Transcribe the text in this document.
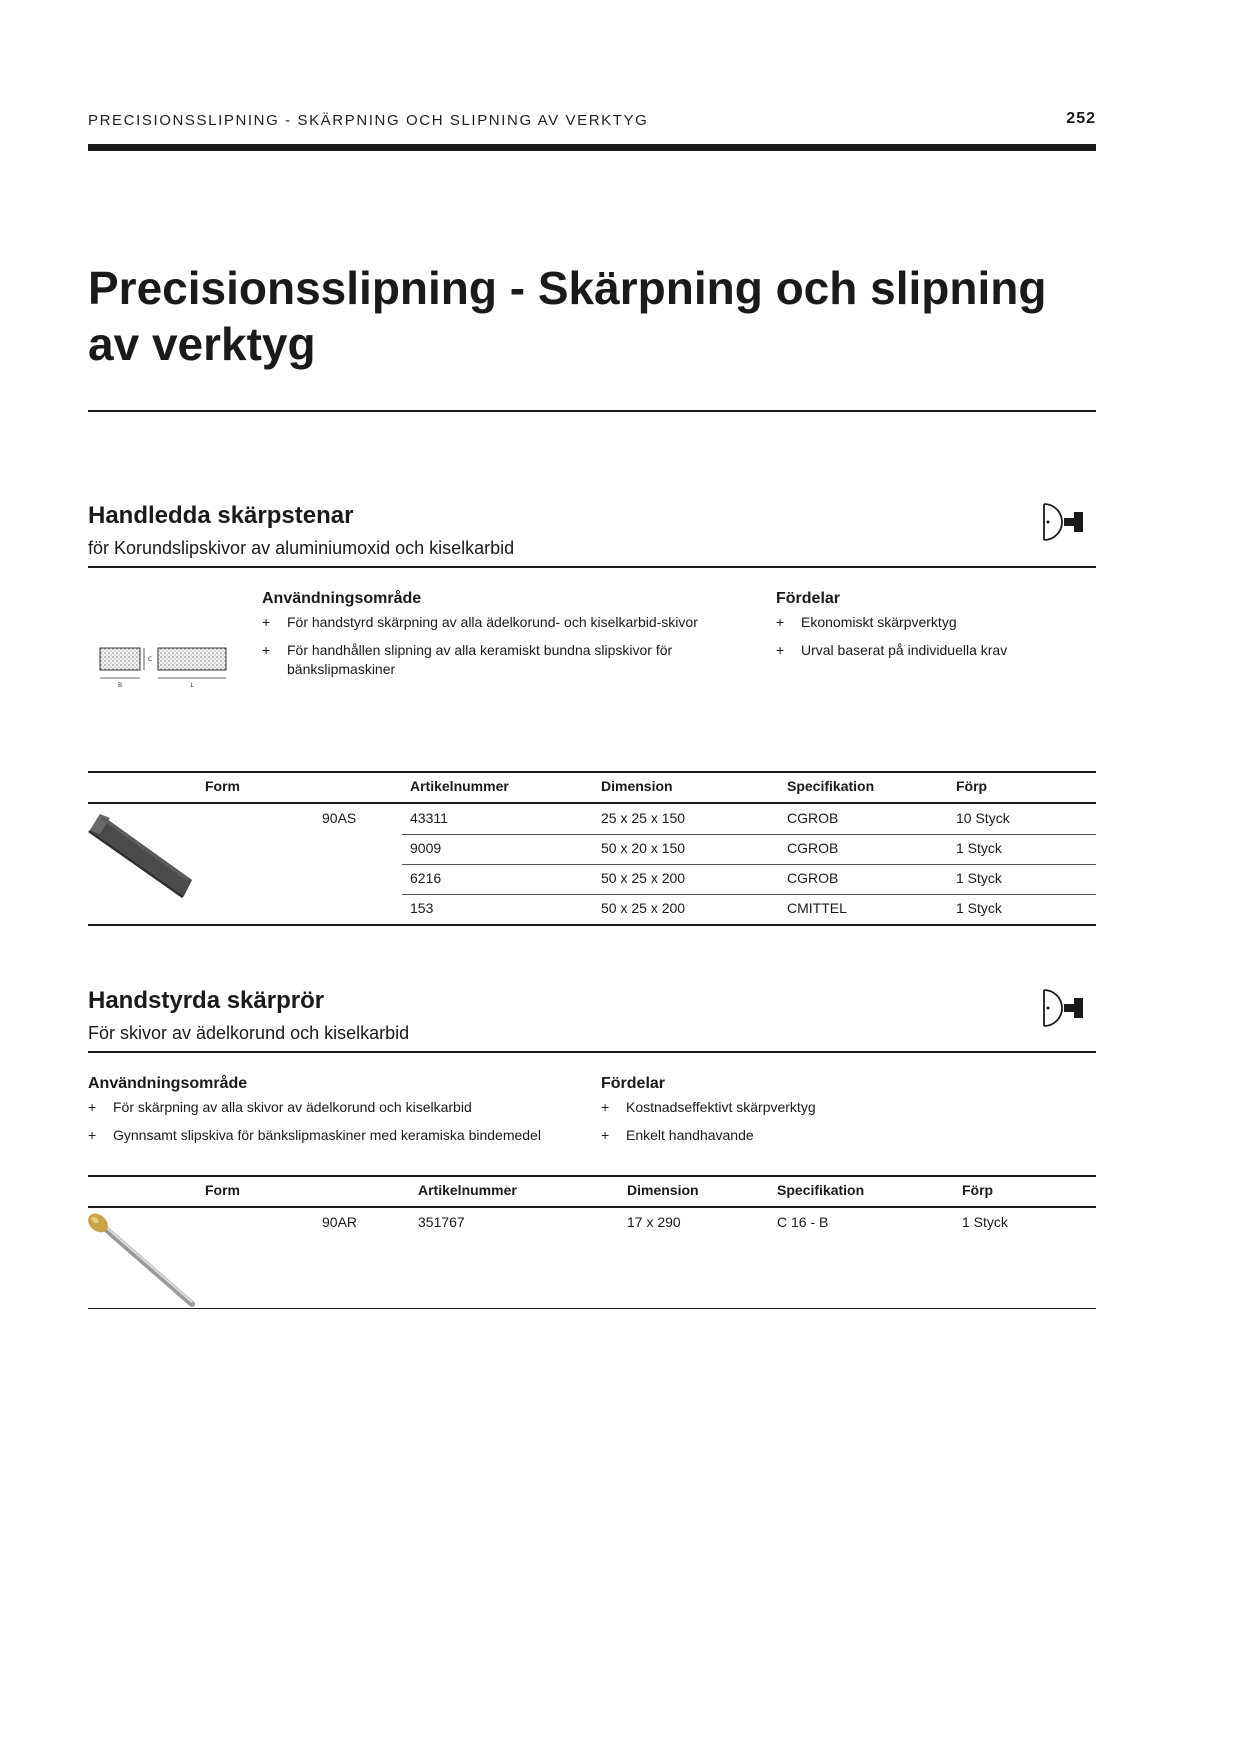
PRECISIONSSLIPNING - SKÄRPNING OCH SLIPNING AV VERKTYG	252
Precisionsslipning - Skärpning och slipning av verktyg
Handledda skärpstenar
för Korundslipskivor av aluminiumoxid och kiselkarbid
B
C
L
Användningsområde
+	För handstyrd skärpning av alla ädelkorund- och kiselkarbid-skivor
+	För handhållen slipning av alla keramiskt bundna slipskivor för bänkslipmaskiner
Fördelar
+	Ekonomiskt skärpverktyg
+	Urval baserat på individuella krav
Form	Artikelnummer	Dimension	Specifikation	Förp
90AS	43311	25 x 25 x 150	CGROB	10 Styck
9009	50 x 20 x 150	CGROB	1 Styck
6216	50 x 25 x 200	CGROB	1 Styck
153	50 x 25 x 200	CMITTEL	1 Styck
Handstyrda skärprör
För skivor av ädelkorund och kiselkarbid
Användningsområde
+	För skärpning av alla skivor av ädelkorund och kiselkarbid
+	Gynnsamt slipskiva för bänkslipmaskiner med keramiska bindemedel
Fördelar
+	Kostnadseffektivt skärpverktyg
+	Enkelt handhavande
Form	Artikelnummer	Dimension	Specifikation	Förp
90AR	351767	17 x 290	C 16 - B	1 Styck
